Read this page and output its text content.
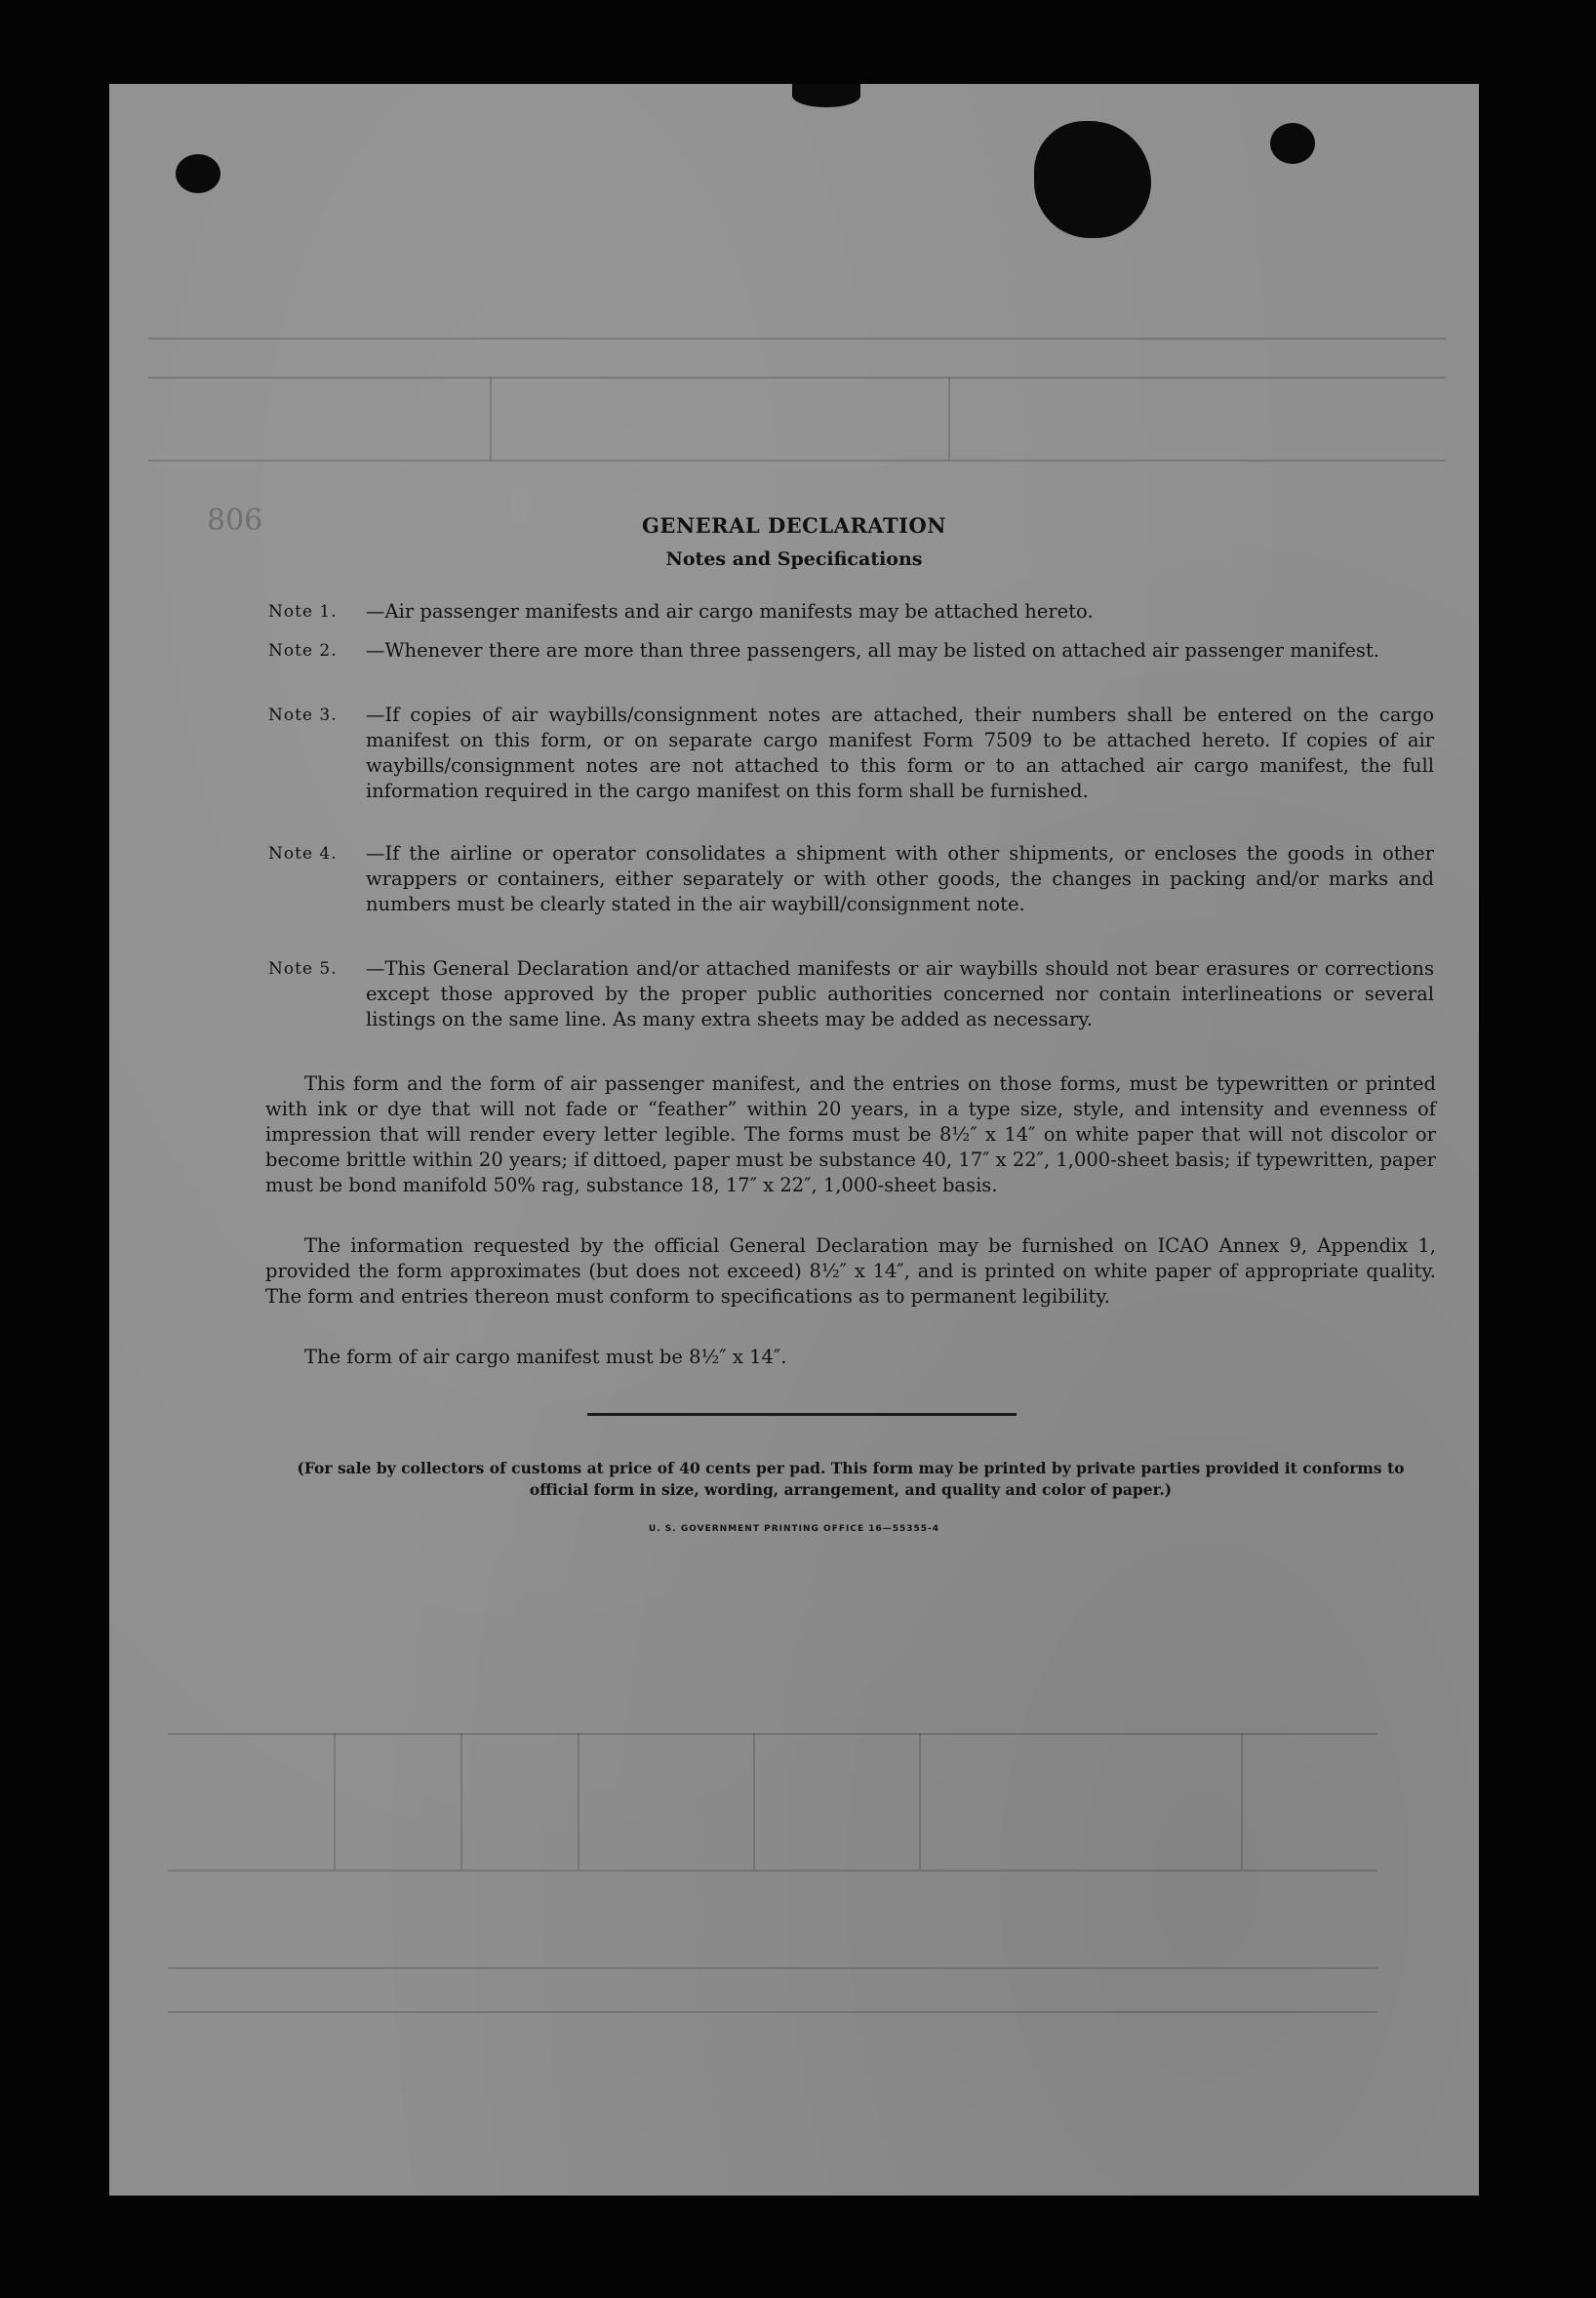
806	GENERAL DECLARATION
Notes and Specifications
Note 1.	—Air passenger manifests and air cargo manifests may be attached hereto.
Note 2.	—Whenever there are more than three passengers, all may be listed on attached air passenger manifest.
Note 3.	—If copies of air waybills/consignment notes are attached, their numbers shall be entered on the cargo manifest on this form, or on separate cargo manifest Form 7509 to be attached hereto. If copies of air waybills/consignment notes are not attached to this form or to an attached air cargo manifest, the full information required in the cargo manifest on this form shall be furnished.
Note 4.	—If the airline or operator consolidates a shipment with other shipments, or encloses the goods in other wrappers or containers, either separately or with other goods, the changes in packing and/or marks and numbers must be clearly stated in the air waybill/consignment note.
Note 5.	—This General Declaration and/or attached manifests or air waybills should not bear erasures or corrections except those approved by the proper public authorities concerned nor contain interlineations or several listings on the same line. As many extra sheets may be added as necessary.
This form and the form of air passenger manifest, and the entries on those forms, must be typewritten or printed with ink or dye that will not fade or “feather” within 20 years, in a type size, style, and intensity and evenness of impression that will render every letter legible. The forms must be 8½″ x 14″ on white paper that will not discolor or become brittle within 20 years; if dittoed, paper must be substance 40, 17″ x 22″, 1,000-sheet basis; if typewritten, paper must be bond manifold 50% rag, substance 18, 17″ x 22″, 1,000-sheet basis.
The information requested by the official General Declaration may be furnished on ICAO Annex 9, Appendix 1, provided the form approximates (but does not exceed) 8½″ x 14″, and is printed on white paper of appropriate quality. The form and entries thereon must conform to specifications as to permanent legibility.
The form of air cargo manifest must be 8½″ x 14″.
(For sale by collectors of customs at price of 40 cents per pad. This form may be printed by private parties provided it conforms to official form in size, wording, arrangement, and quality and color of paper.)
U. S. GOVERNMENT PRINTING OFFICE 16—55355-4
